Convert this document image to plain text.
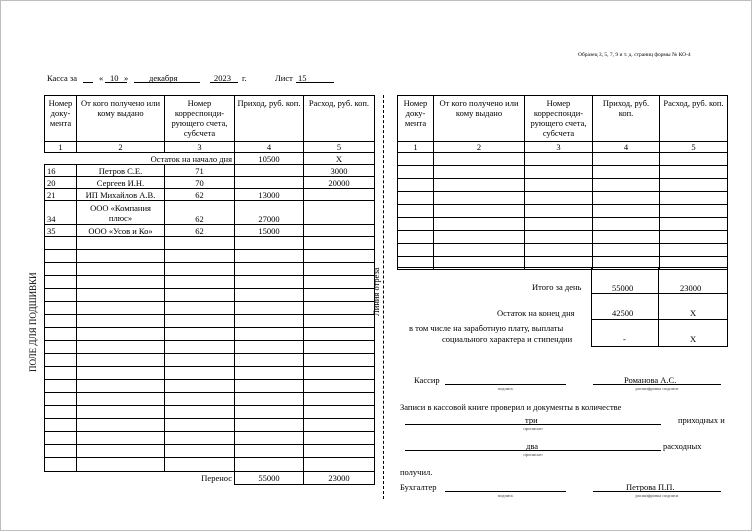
Образец 3, 5, 7, 9 и т. д. страниц формы № КО-4
Касса за	« 10 » декабря	2023 г.	Лист 15
ПОЛЕ ДЛЯ ПОДШИВКИ	Линия отреза
Номер доку-мента	От кого получено или кому выдано	Номер корреспонди-рующего счета, субсчета	Приход, руб. коп.	Расход, руб. коп.
1	2	3	4	5
Остаток на начало дня			10500	X
16	Петров С.Е.	71		3000
20	Сергеев И.Н.	70		20000
21	ИП Михайлов А.В.	62	13000	
34	ООО «Компания плюс»	62	27000	
35	ООО «Усов и Ко»	62	15000	

Перенос			55000	23000
Номер доку-мента	От кого получено или кому выдано	Номер корреспонди-рующего счета, субсчета	Приход, руб. коп.	Расход, руб. коп.
1	2	3	4	5

Итого за день	55000	23000
Остаток на конец дня	42500	X
в том числе на заработную плату, выплаты
социального характера и стипендии	-	X
Кассир
подпись
Романова А.С.
расшифровка подписи
Записи в кассовой книге проверил и документы в количестве
три
прописью
приходных и
два
прописью
расходных
получил.
Бухгалтер
подпись
Петрова П.П.
расшифровка подписи
